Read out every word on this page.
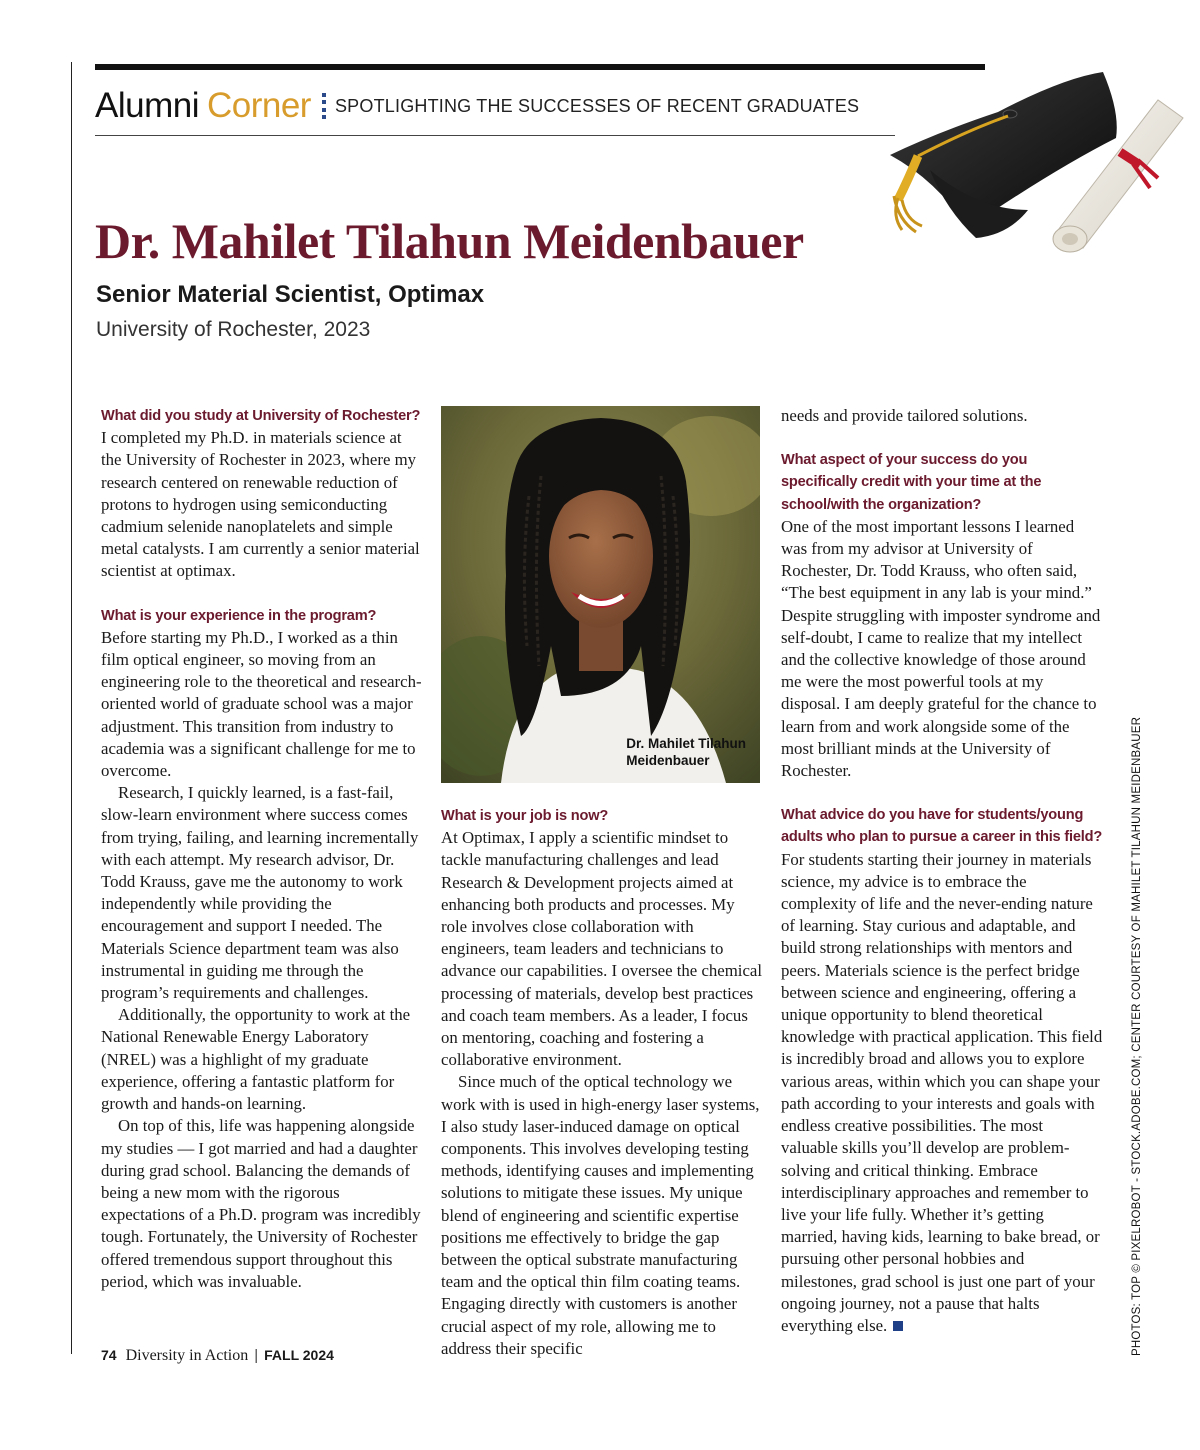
Alumni Corner SPOTLIGHTING THE SUCCESSES OF RECENT GRADUATES
Dr. Mahilet Tilahun Meidenbauer
Senior Material Scientist, Optimax
University of Rochester, 2023
What did you study at University of Rochester?

I completed my Ph.D. in materials science at the University of Rochester in 2023, where my research centered on renewable reduction of protons to hydrogen using semiconducting cadmium selenide nanoplatelets and simple metal catalysts. I am currently a senior material scientist at optimax.

What is your experience in the program?

Before starting my Ph.D., I worked as a thin film optical engineer, so moving from an engineering role to the theoretical and research-oriented world of graduate school was a major adjustment. This transition from industry to academia was a significant challenge for me to overcome.

Research, I quickly learned, is a fast-fail, slow-learn environment where success comes from trying, failing, and learning incrementally with each attempt. My research advisor, Dr. Todd Krauss, gave me the autonomy to work independently while providing the encouragement and support I needed. The Materials Science department team was also instrumental in guiding me through the program’s requirements and challenges.

Additionally, the opportunity to work at the National Renewable Energy Laboratory (NREL) was a highlight of my graduate experience, offering a fantastic platform for growth and hands-on learning.

On top of this, life was happening alongside my studies — I got married and had a daughter during grad school. Balancing the demands of being a new mom with the rigorous expectations of a Ph.D. program was incredibly tough. Fortunately, the University of Rochester offered tremendous support throughout this period, which was invaluable.

Dr. Mahilet Tilahun
Meidenbauer
What is your job is now?

At Optimax, I apply a scientific mindset to tackle manufacturing challenges and lead Research & Development projects aimed at enhancing both products and processes. My role involves close collaboration with engineers, team leaders and technicians to advance our capabilities. I oversee the chemical processing of materials, develop best practices and coach team members. As a leader, I focus on mentoring, coaching and fostering a collaborative environment.

Since much of the optical technology we work with is used in high-energy laser systems, I also study laser-induced damage on optical components. This involves developing testing methods, identifying causes and implementing solutions to mitigate these issues. My unique blend of engineering and scientific expertise positions me effectively to bridge the gap between the optical substrate manufacturing team and the optical thin film coating teams. Engaging directly with customers is another crucial aspect of my role, allowing me to address their specific

needs and provide tailored solutions.

What aspect of your success do you specifically credit with your time at the school/with the organization?

One of the most important lessons I learned was from my advisor at University of Rochester, Dr. Todd Krauss, who often said, “The best equipment in any lab is your mind.” Despite struggling with imposter syndrome and self-doubt, I came to realize that my intellect and the collective knowledge of those around me were the most powerful tools at my disposal. I am deeply grateful for the chance to learn from and work alongside some of the most brilliant minds at the University of Rochester.

What advice do you have for students/young adults who plan to pursue a career in this field?

For students starting their journey in materials science, my advice is to embrace the complexity of life and the never-ending nature of learning. Stay curious and adaptable, and build strong relationships with mentors and peers. Materials science is the perfect bridge between science and engineering, offering a unique opportunity to blend theoretical knowledge with practical application. This field is incredibly broad and allows you to explore various areas, within which you can shape your path according to your interests and goals with endless creative possibilities. The most valuable skills you’ll develop are problem-solving and critical thinking. Embrace interdisciplinary approaches and remember to live your life fully. Whether it’s getting married, having kids, learning to bake bread, or pursuing other personal hobbies and milestones, grad school is just one part of your ongoing journey, not a pause that halts everything else.	PHOTOS: TOP © PIXELROBOT - STOCK.ADOBE.COM; CENTER COURTESY OF MAHILET TILAHUN MEIDENBAUER
74 Diversity in Action | FALL 2024
